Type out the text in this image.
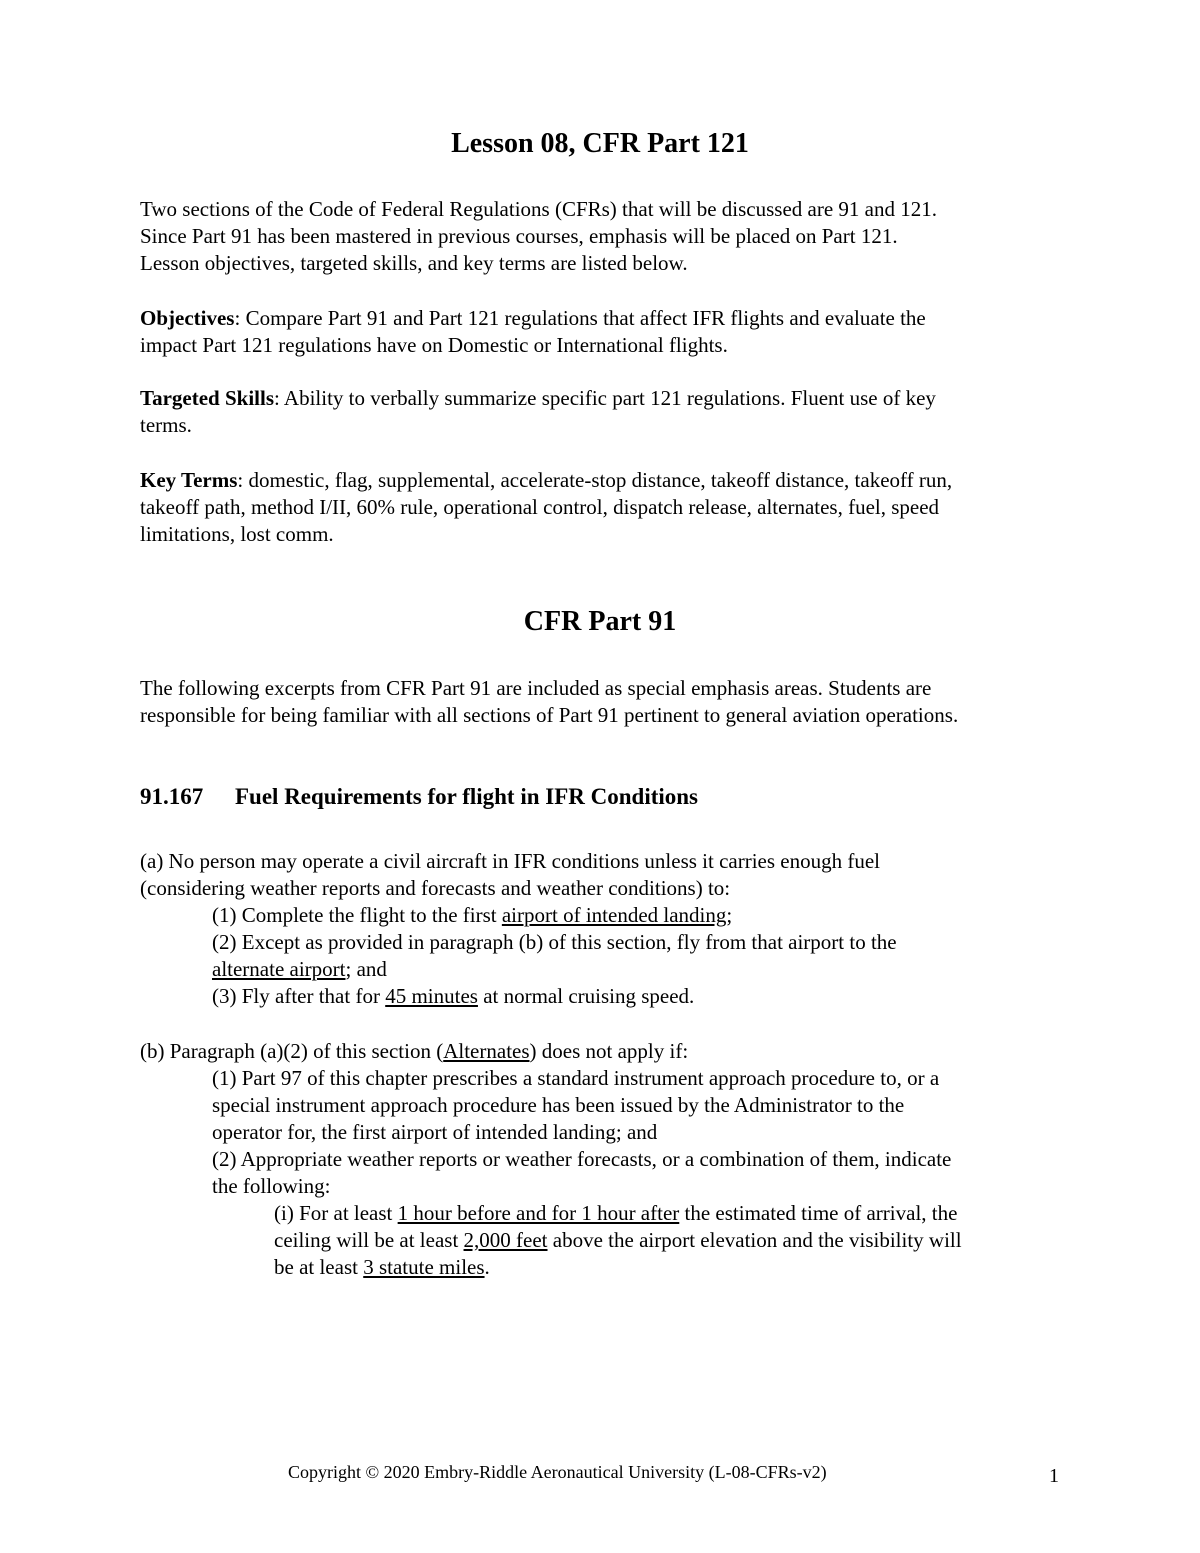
Lesson 08, CFR Part 121

Two sections of the Code of Federal Regulations (CFRs) that will be discussed are 91 and 121.

Since Part 91 has been mastered in previous courses, emphasis will be placed on Part 121.

Lesson objectives, targeted skills, and key terms are listed below.

Objectives: Compare Part 91 and Part 121 regulations that affect IFR flights and evaluate the

impact Part 121 regulations have on Domestic or International flights.

Targeted Skills: Ability to verbally summarize specific part 121 regulations. Fluent use of key

terms.

Key Terms: domestic, flag, supplemental, accelerate-stop distance, takeoff distance, takeoff run,

takeoff path, method I/II, 60% rule, operational control, dispatch release, alternates, fuel, speed

limitations, lost comm.

CFR Part 91

The following excerpts from CFR Part 91 are included as special emphasis areas. Students are

responsible for being familiar with all sections of Part 91 pertinent to general aviation operations.

91.167 Fuel Requirements for flight in IFR Conditions

(a) No person may operate a civil aircraft in IFR conditions unless it carries enough fuel

(considering weather reports and forecasts and weather conditions) to:

(1) Complete the flight to the first airport of intended landing;

(2) Except as provided in paragraph (b) of this section, fly from that airport to the

alternate airport; and

(3) Fly after that for 45 minutes at normal cruising speed.

(b) Paragraph (a)(2) of this section (Alternates) does not apply if:

(1) Part 97 of this chapter prescribes a standard instrument approach procedure to, or a

special instrument approach procedure has been issued by the Administrator to the

operator for, the first airport of intended landing; and

(2) Appropriate weather reports or weather forecasts, or a combination of them, indicate

the following:

(i) For at least 1 hour before and for 1 hour after the estimated time of arrival, the

ceiling will be at least 2,000 feet above the airport elevation and the visibility will

be at least 3 statute miles.

Copyright © 2020 Embry-Riddle Aeronautical University (L-08-CFRs-v2)	1
